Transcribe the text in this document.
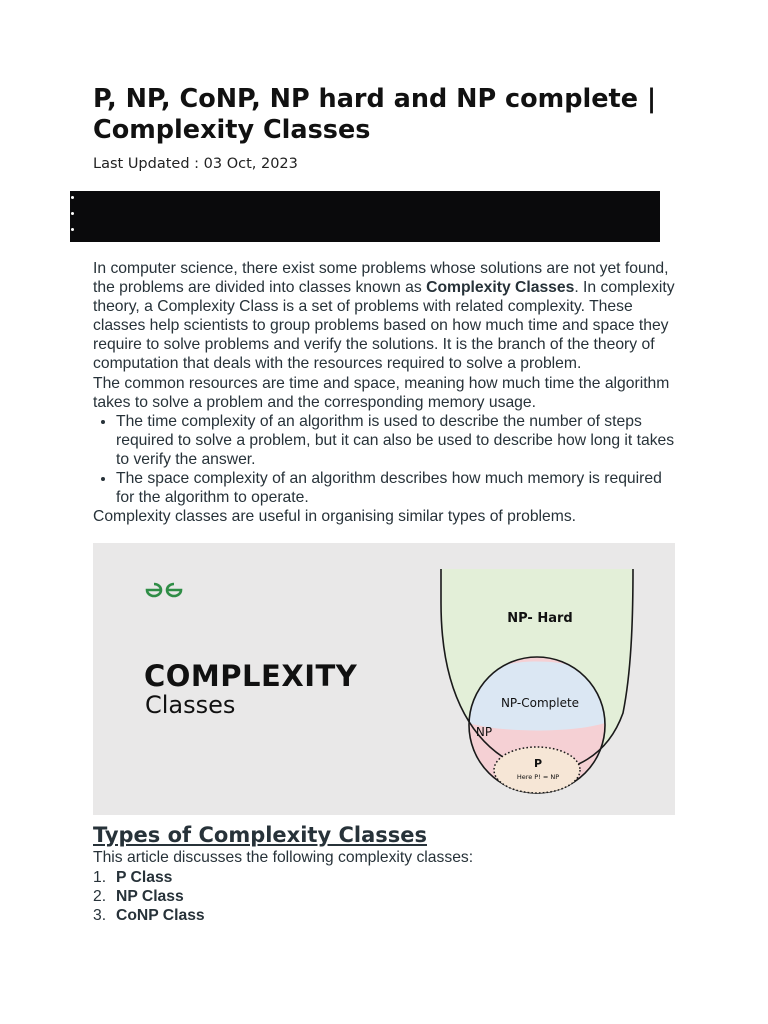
P, NP, CoNP, NP hard and NP complete | Complexity Classes
Last Updated : 03 Oct, 2023

In computer science, there exist some problems whose solutions are not yet found, the problems are divided into classes known as Complexity Classes. In complexity theory, a Complexity Class is a set of problems with related complexity. These classes help scientists to group problems based on how much time and space they require to solve problems and verify the solutions. It is the branch of the theory of computation that deals with the resources required to solve a problem.

The common resources are time and space, meaning how much time the algorithm takes to solve a problem and the corresponding memory usage.

• The time complexity of an algorithm is used to describe the number of steps required to solve a problem, but it can also be used to describe how long it takes to verify the answer.
• The space complexity of an algorithm describes how much memory is required for the algorithm to operate.

Complexity classes are useful in organising similar types of problems.

COMPLEXITY
Classes
NP- Hard
NP-Complete
NP
P
Here P! = NP
Types of Complexity Classes

This article discusses the following complexity classes:

1. P Class
2. NP Class
3. CoNP Class
